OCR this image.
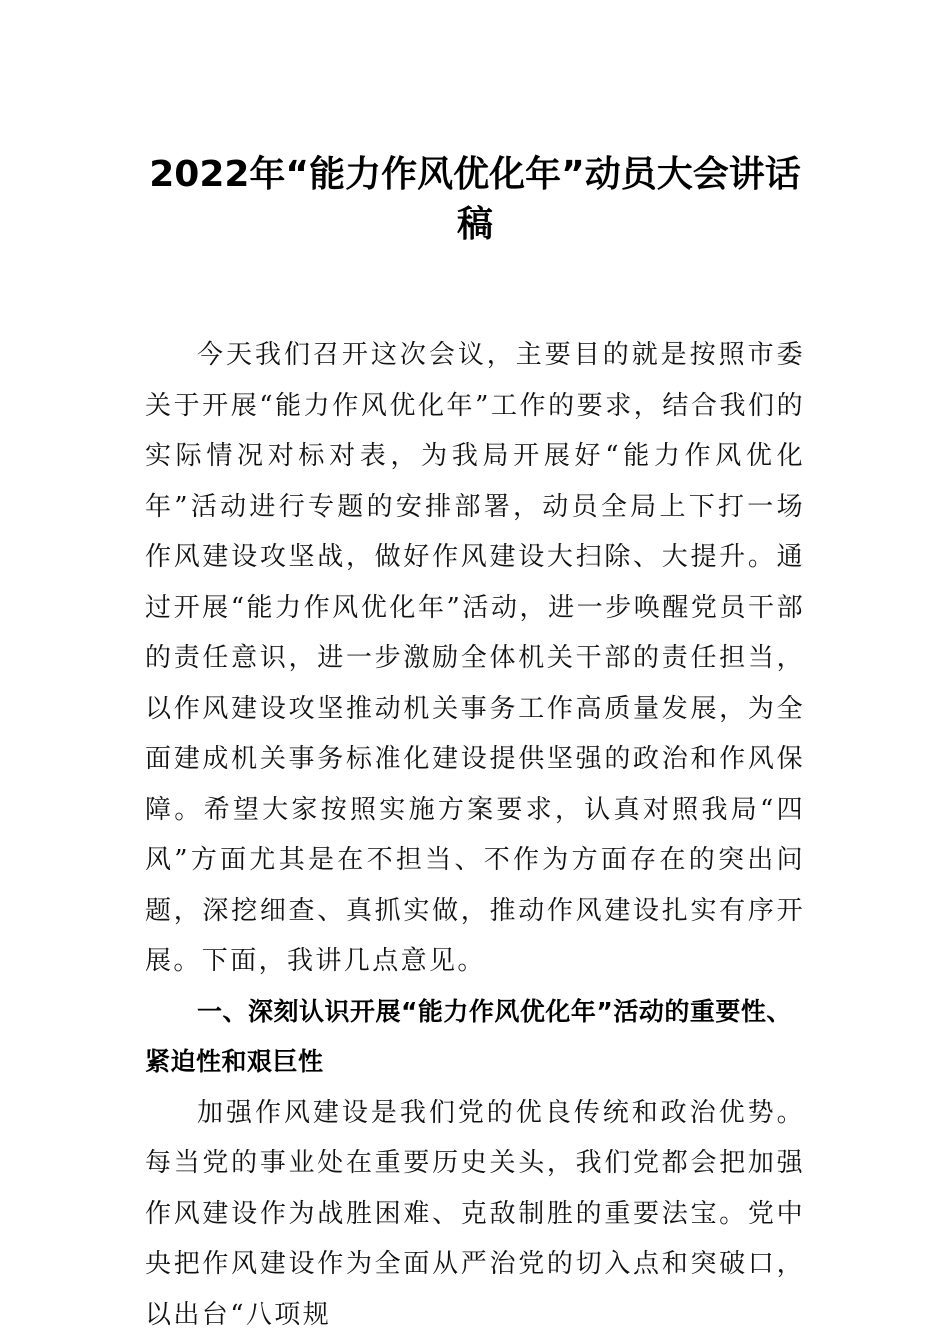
2022年“能力作风优化年”动员大会讲话稿

今天我们召开这次会议，主要目的就是按照市委关于开展“能力作风优化年”工作的要求，结合我们的实际情况对标对表，为我局开展好“能力作风优化年”活动进行专题的安排部署，动员全局上下打一场作风建设攻坚战，做好作风建设大扫除、大提升。通过开展“能力作风优化年”活动，进一步唤醒党员干部的责任意识，进一步激励全体机关干部的责任担当，以作风建设攻坚推动机关事务工作高质量发展，为全面建成机关事务标准化建设提供坚强的政治和作风保障。希望大家按照实施方案要求，认真对照我局“四风”方面尤其是在不担当、不作为方面存在的突出问题，深挖细查、真抓实做，推动作风建设扎实有序开展。下面，我讲几点意见。

一、深刻认识开展“能力作风优化年”活动的重要性、紧迫性和艰巨性

加强作风建设是我们党的优良传统和政治优势。每当党的事业处在重要历史关头，我们党都会把加强作风建设作为战胜困难、克敌制胜的重要法宝。党中央把作风建设作为全面从严治党的切入点和突破口，以出台“八项规
